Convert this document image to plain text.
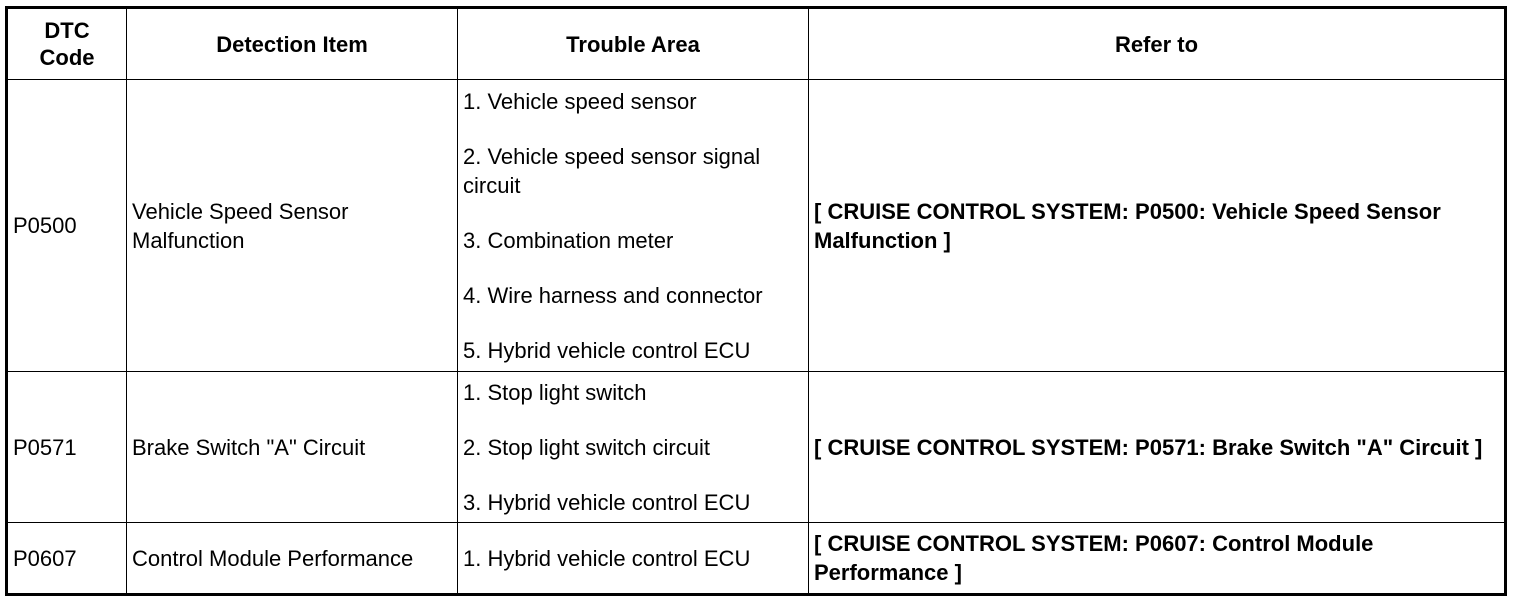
DTC
Code	Detection Item	Trouble Area	Refer to

P0500	Vehicle Speed Sensor Malfunction	1. Vehicle speed sensor
2. Vehicle speed sensor signal circuit
3. Combination meter
4. Wire harness and connector
5. Hybrid vehicle control ECU	[ CRUISE CONTROL SYSTEM: P0500: Vehicle Speed Sensor Malfunction ]

P0571	Brake Switch "A" Circuit	1. Stop light switch
2. Stop light switch circuit
3. Hybrid vehicle control ECU	[ CRUISE CONTROL SYSTEM: P0571: Brake Switch "A" Circuit ]

P0607	Control Module Performance	1. Hybrid vehicle control ECU	[ CRUISE CONTROL SYSTEM: P0607: Control Module Performance ]
